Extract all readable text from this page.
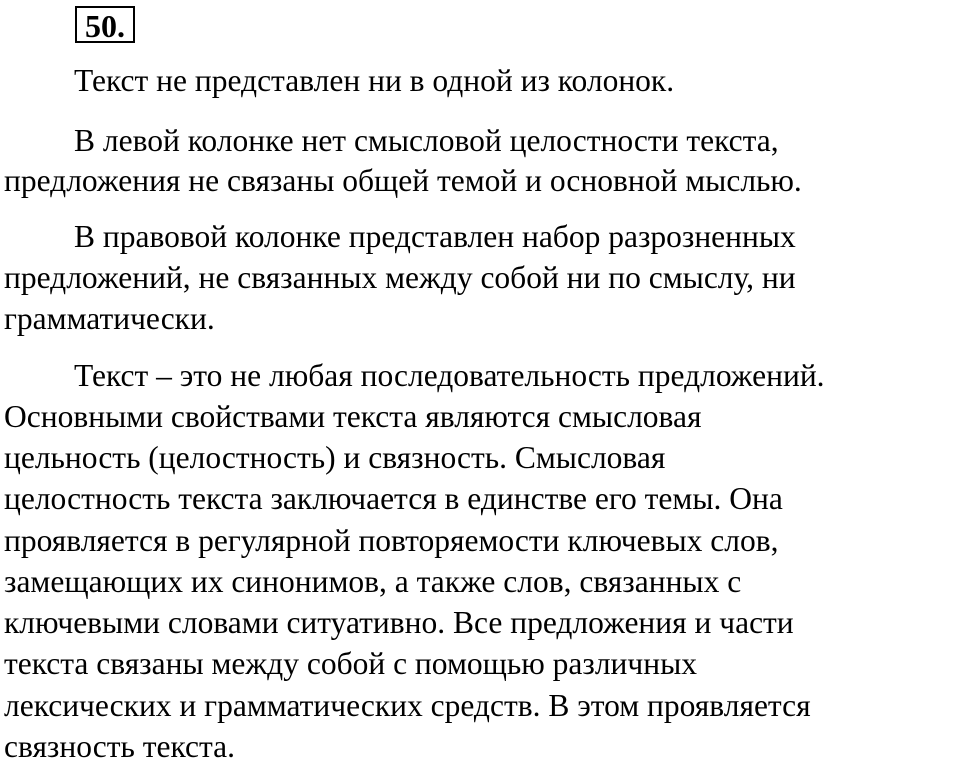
50.
Текст не представлен ни в одной из колонок.
В левой колонке нет смысловой целостности текста,
предложения не связаны общей темой и основной мыслью.
В правовой колонке представлен набор разрозненных
предложений, не связанных между собой ни по смыслу, ни
грамматически.
Текст – это не любая последовательность предложений.
Основными свойствами текста являются смысловая
цельность (целостность) и связность. Смысловая
целостность текста заключается в единстве его темы. Она
проявляется в регулярной повторяемости ключевых слов,
замещающих их синонимов, а также слов, связанных с
ключевыми словами ситуативно. Все предложения и части
текста связаны между собой с помощью различных
лексических и грамматических средств. В этом проявляется
связность текста.
